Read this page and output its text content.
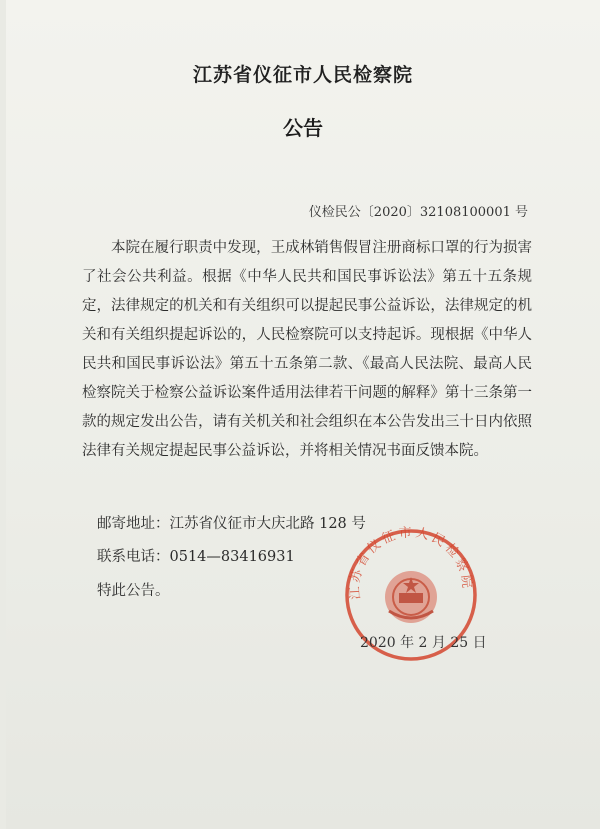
江苏省仪征市人民检察院
公告
仪检民公〔2020〕32108100001 号

本院在履行职责中发现，王成林销售假冒注册商标口罩的行为损害了社会公共利益。根据《中华人民共和国民事诉讼法》第五十五条规定，法律规定的机关和有关组织可以提起民事公益诉讼，法律规定的机关和有关组织提起诉讼的，人民检察院可以支持起诉。现根据《中华人民共和国民事诉讼法》第五十五条第二款、《最高人民法院、最高人民检察院关于检察公益诉讼案件适用法律若干问题的解释》第十三条第一款的规定发出公告，请有关机关和社会组织在本公告发出三十日内依照法律有关规定提起民事公益诉讼，并将相关情况书面反馈本院。

邮寄地址：江苏省仪征市大庆北路 128 号
联系电话：0514—83416931
特此公告。	江苏省仪征市人民检察院
2020 年 2 月 25 日
